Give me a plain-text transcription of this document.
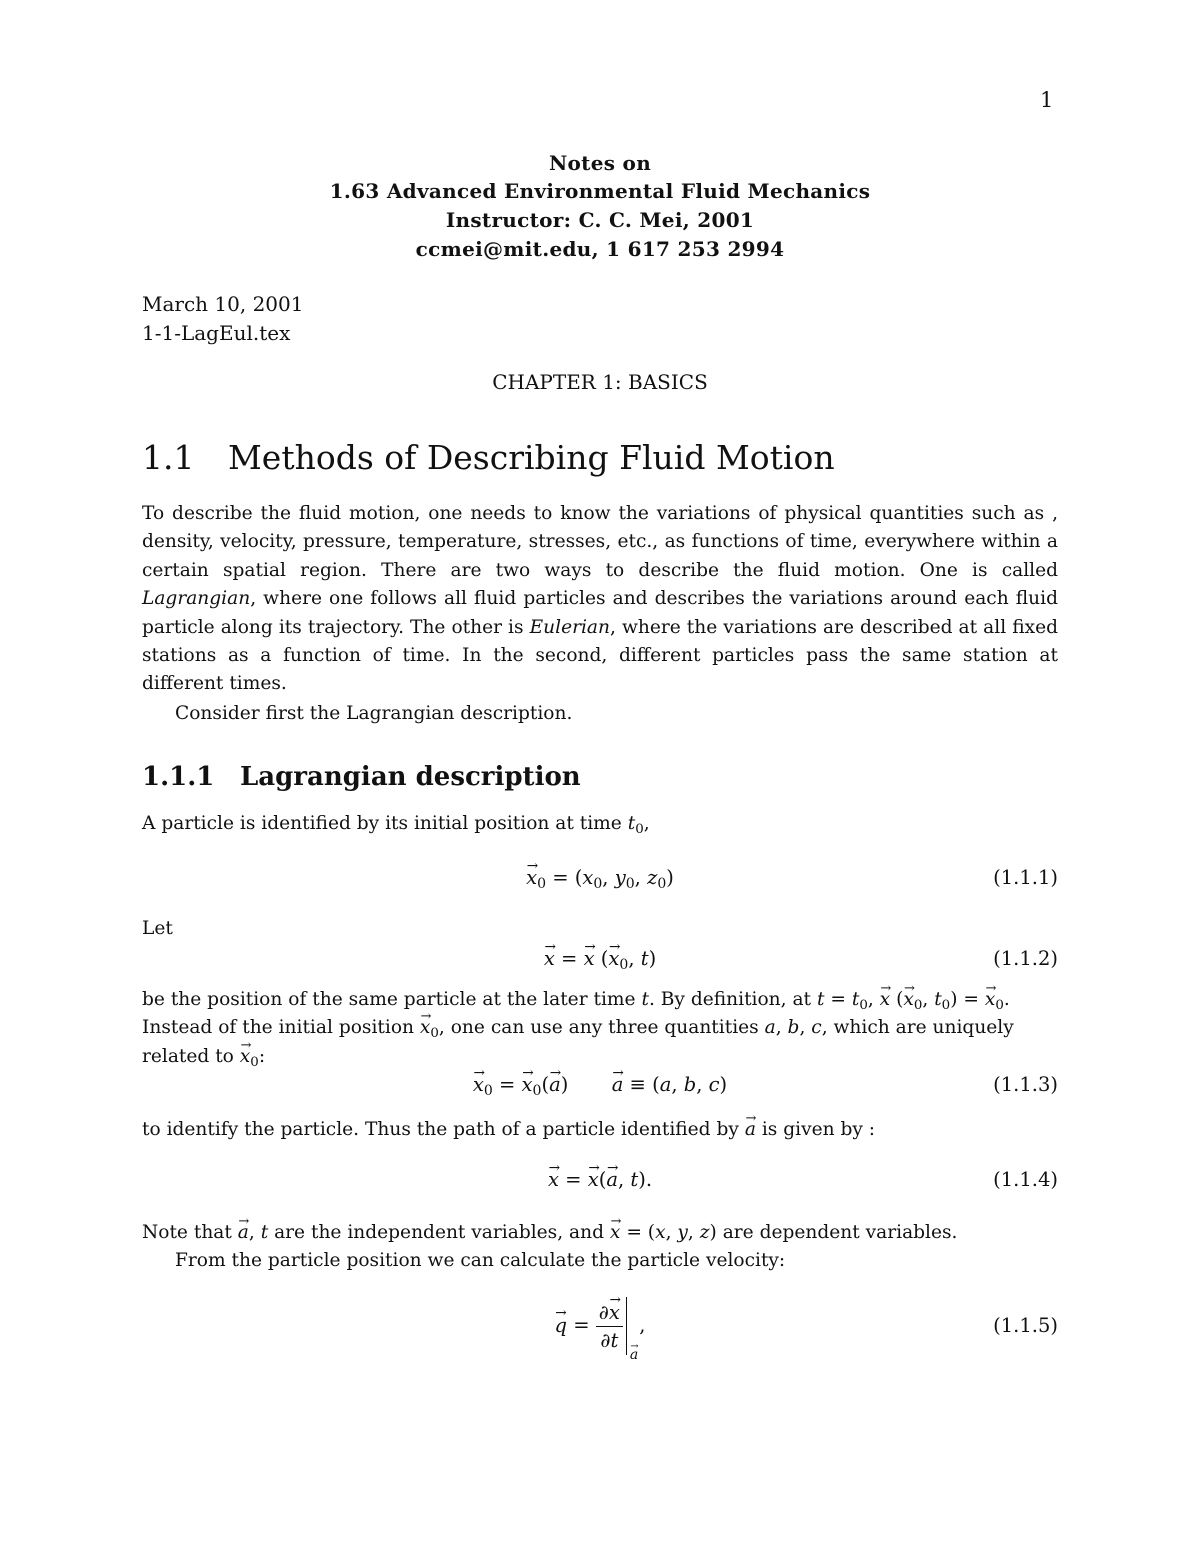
1
Notes on
1.63 Advanced Environmental Fluid Mechanics
Instructor: C. C. Mei, 2001
ccmei@mit.edu, 1 617 253 2994
March 10, 2001
1-1-LagEul.tex
CHAPTER 1: BASICS
1.1 Methods of Describing Fluid Motion
To describe the fluid motion, one needs to know the variations of physical quantities such as , density, velocity, pressure, temperature, stresses, etc., as functions of time, everywhere within a certain spatial region. There are two ways to describe the fluid motion. One is called Lagrangian, where one follows all fluid particles and describes the variations around each fluid particle along its trajectory. The other is Eulerian, where the variations are described at all fixed stations as a function of time. In the second, different particles pass the same station at different times.
Consider first the Lagrangian description.
1.1.1 Lagrangian description
A particle is identified by its initial position at time $t_0$,
→ $x_0 = (x_0$, $y_0$, $z_0$)	(1.1.1)
Let
→ x = → x (→ $x_0$, t)	(1.1.2)
be the position of the same particle at the later time t. By definition, at $t = t_0$, → x (→ $x_0$, $t_0$) = → $x_0$.
Instead of the initial position → $x_0$, one can use any three quantities a, b, c, which are uniquely
related to → $x_0$:
→ $x_0$ = → $x_0(\to a)$       → a ≡ (a, b, c)	(1.1.3)
to identify the particle. Thus the path of a particle identified by → a is given by :
→ x = → x(→ a, t).	(1.1.4)
Note that → a, t are the independent variables, and → x = (x, y, z) are dependent variables.
From the particle position we can calculate the particle velocity:
→ $q = \frac{\partial\to x}{\partial t}$
→ a
,	(1.1.5)
